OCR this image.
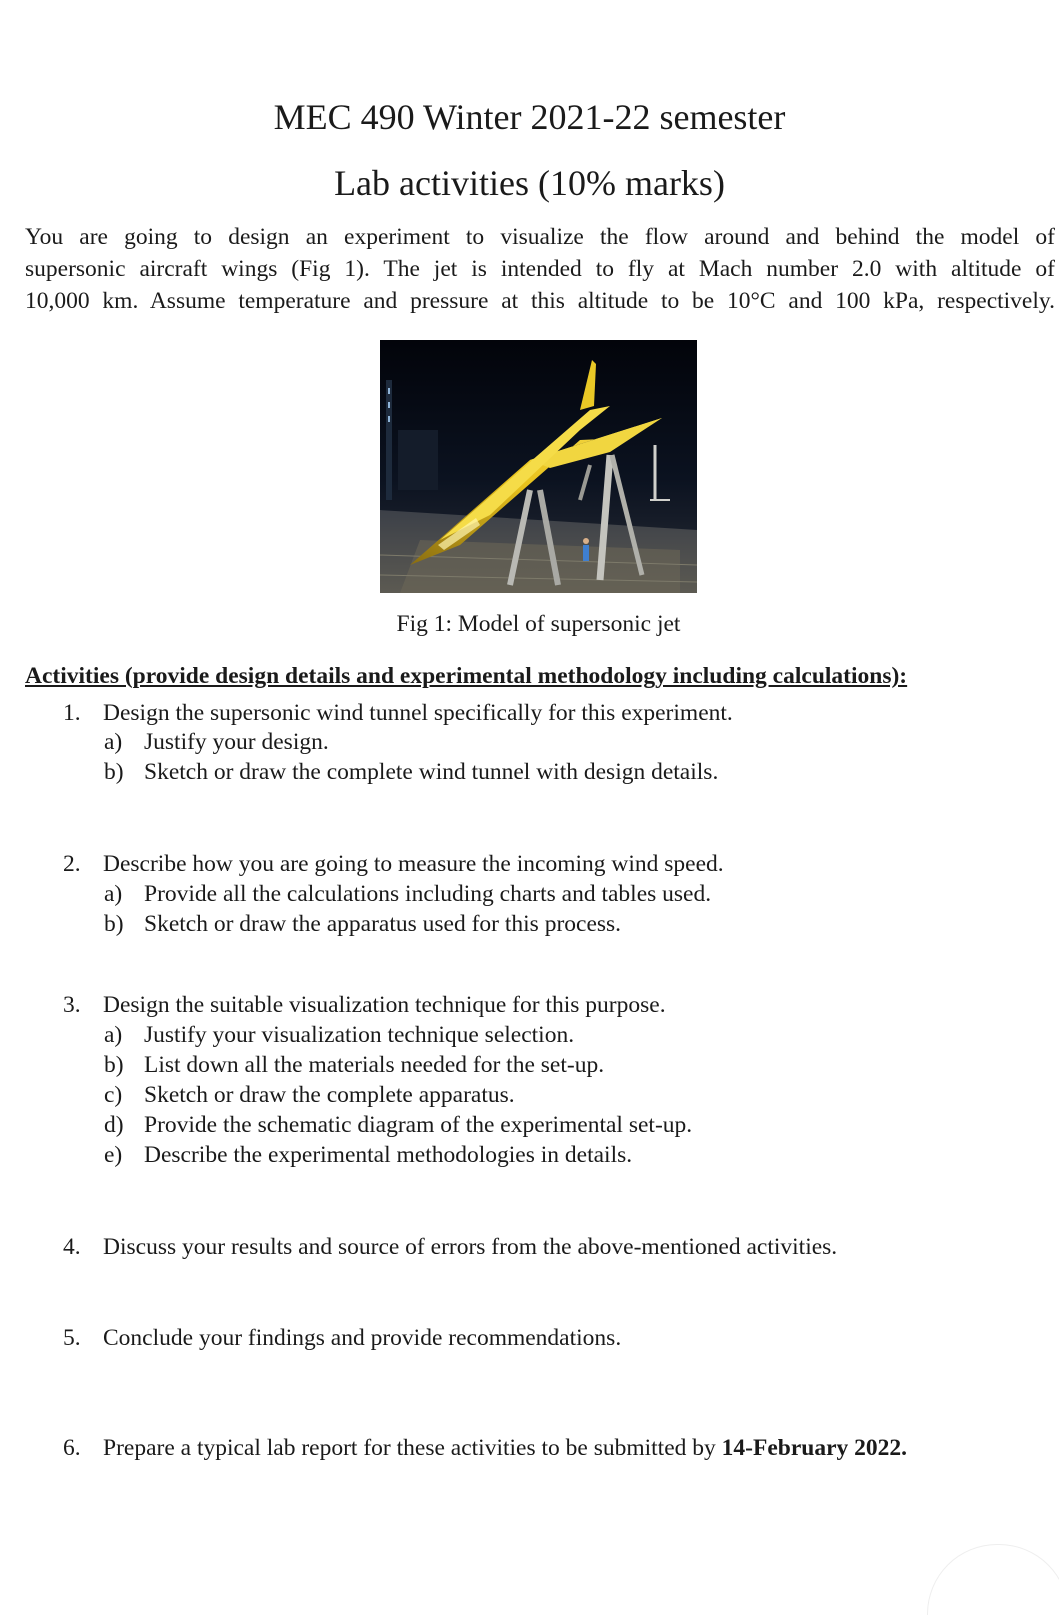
MEC 490 Winter 2021-22 semester
Lab activities (10% marks)

You are going to design an experiment to visualize the flow around and behind the model of

supersonic aircraft wings (Fig 1). The jet is intended to fly at Mach number 2.0 with altitude of

10,000 km. Assume temperature and pressure at this altitude to be 10°C and 100 kPa, respectively.

Fig 1: Model of supersonic jet
Activities (provide design details and experimental methodology including calculations):
1. Design the supersonic wind tunnel specifically for this experiment.
a) Justify your design.
b) Sketch or draw the complete wind tunnel with design details.
2. Describe how you are going to measure the incoming wind speed.
a) Provide all the calculations including charts and tables used.
b) Sketch or draw the apparatus used for this process.
3. Design the suitable visualization technique for this purpose.
a) Justify your visualization technique selection.
b) List down all the materials needed for the set-up.
c) Sketch or draw the complete apparatus.
d) Provide the schematic diagram of the experimental set-up.
e) Describe the experimental methodologies in details.
4. Discuss your results and source of errors from the above-mentioned activities.
5. Conclude your findings and provide recommendations.
6. Prepare a typical lab report for these activities to be submitted by 14-February 2022.
